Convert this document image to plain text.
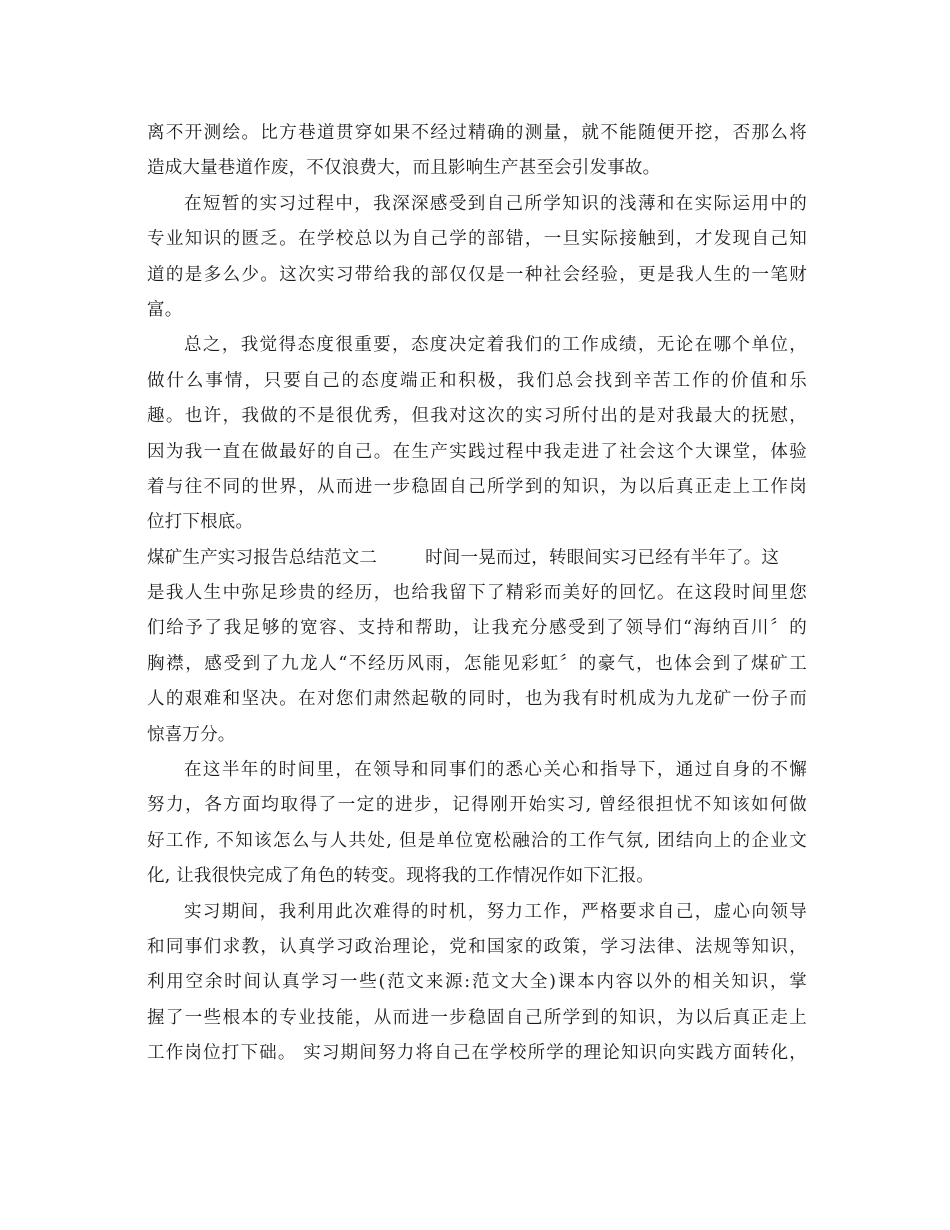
离不开测绘。比方巷道贯穿如果不经过精确的测量，就不能随便开挖，否那么将
造成大量巷道作废，不仅浪费大，而且影响生产甚至会引发事故。
在短暂的实习过程中，我深深感受到自己所学知识的浅薄和在实际运用中的
专业知识的匮乏。在学校总以为自己学的部错，一旦实际接触到，才发现自己知
道的是多么少。这次实习带给我的部仅仅是一种社会经验，更是我人生的一笔财
富。
总之，我觉得态度很重要，态度决定着我们的工作成绩，无论在哪个单位，
做什么事情，只要自己的态度端正和积极，我们总会找到辛苦工作的价值和乐
趣。也许，我做的不是很优秀，但我对这次的实习所付出的是对我最大的抚慰，
因为我一直在做最好的自己。在生产实践过程中我走进了社会这个大课堂，体验
着与往不同的世界，从而进一步稳固自己所学到的知识，为以后真正走上工作岗
位打下根底。
煤矿生产实习报告总结范文二	时间一晃而过，转眼间实习已经有半年了。这
是我人生中弥足珍贵的经历，也给我留下了精彩而美好的回忆。在这段时间里您
们给予了我足够的宽容、支持和帮助，让我充分感受到了领导们“海纳百川〞的
胸襟，感受到了九龙人“不经历风雨，怎能见彩虹〞的豪气，也体会到了煤矿工
人的艰难和坚决。在对您们肃然起敬的同时，也为我有时机成为九龙矿一份子而
惊喜万分。
在这半年的时间里，在领导和同事们的悉心关心和指导下，通过自身的不懈
努力，各方面均取得了一定的进步，记得刚开始实习, 曾经很担忧不知该如何做
好工作, 不知该怎么与人共处, 但是单位宽松融洽的工作气氛, 团结向上的企业文
化, 让我很快完成了角色的转变。现将我的工作情况作如下汇报。
实习期间，我利用此次难得的时机，努力工作，严格要求自己，虚心向领导
和同事们求教，认真学习政治理论，党和国家的政策，学习法律、法规等知识，
利用空余时间认真学习一些(范文来源:范文大全)课本内容以外的相关知识，掌
握了一些根本的专业技能，从而进一步稳固自己所学到的知识，为以后真正走上
工作岗位打下础。 实习期间努力将自己在学校所学的理论知识向实践方面转化，
